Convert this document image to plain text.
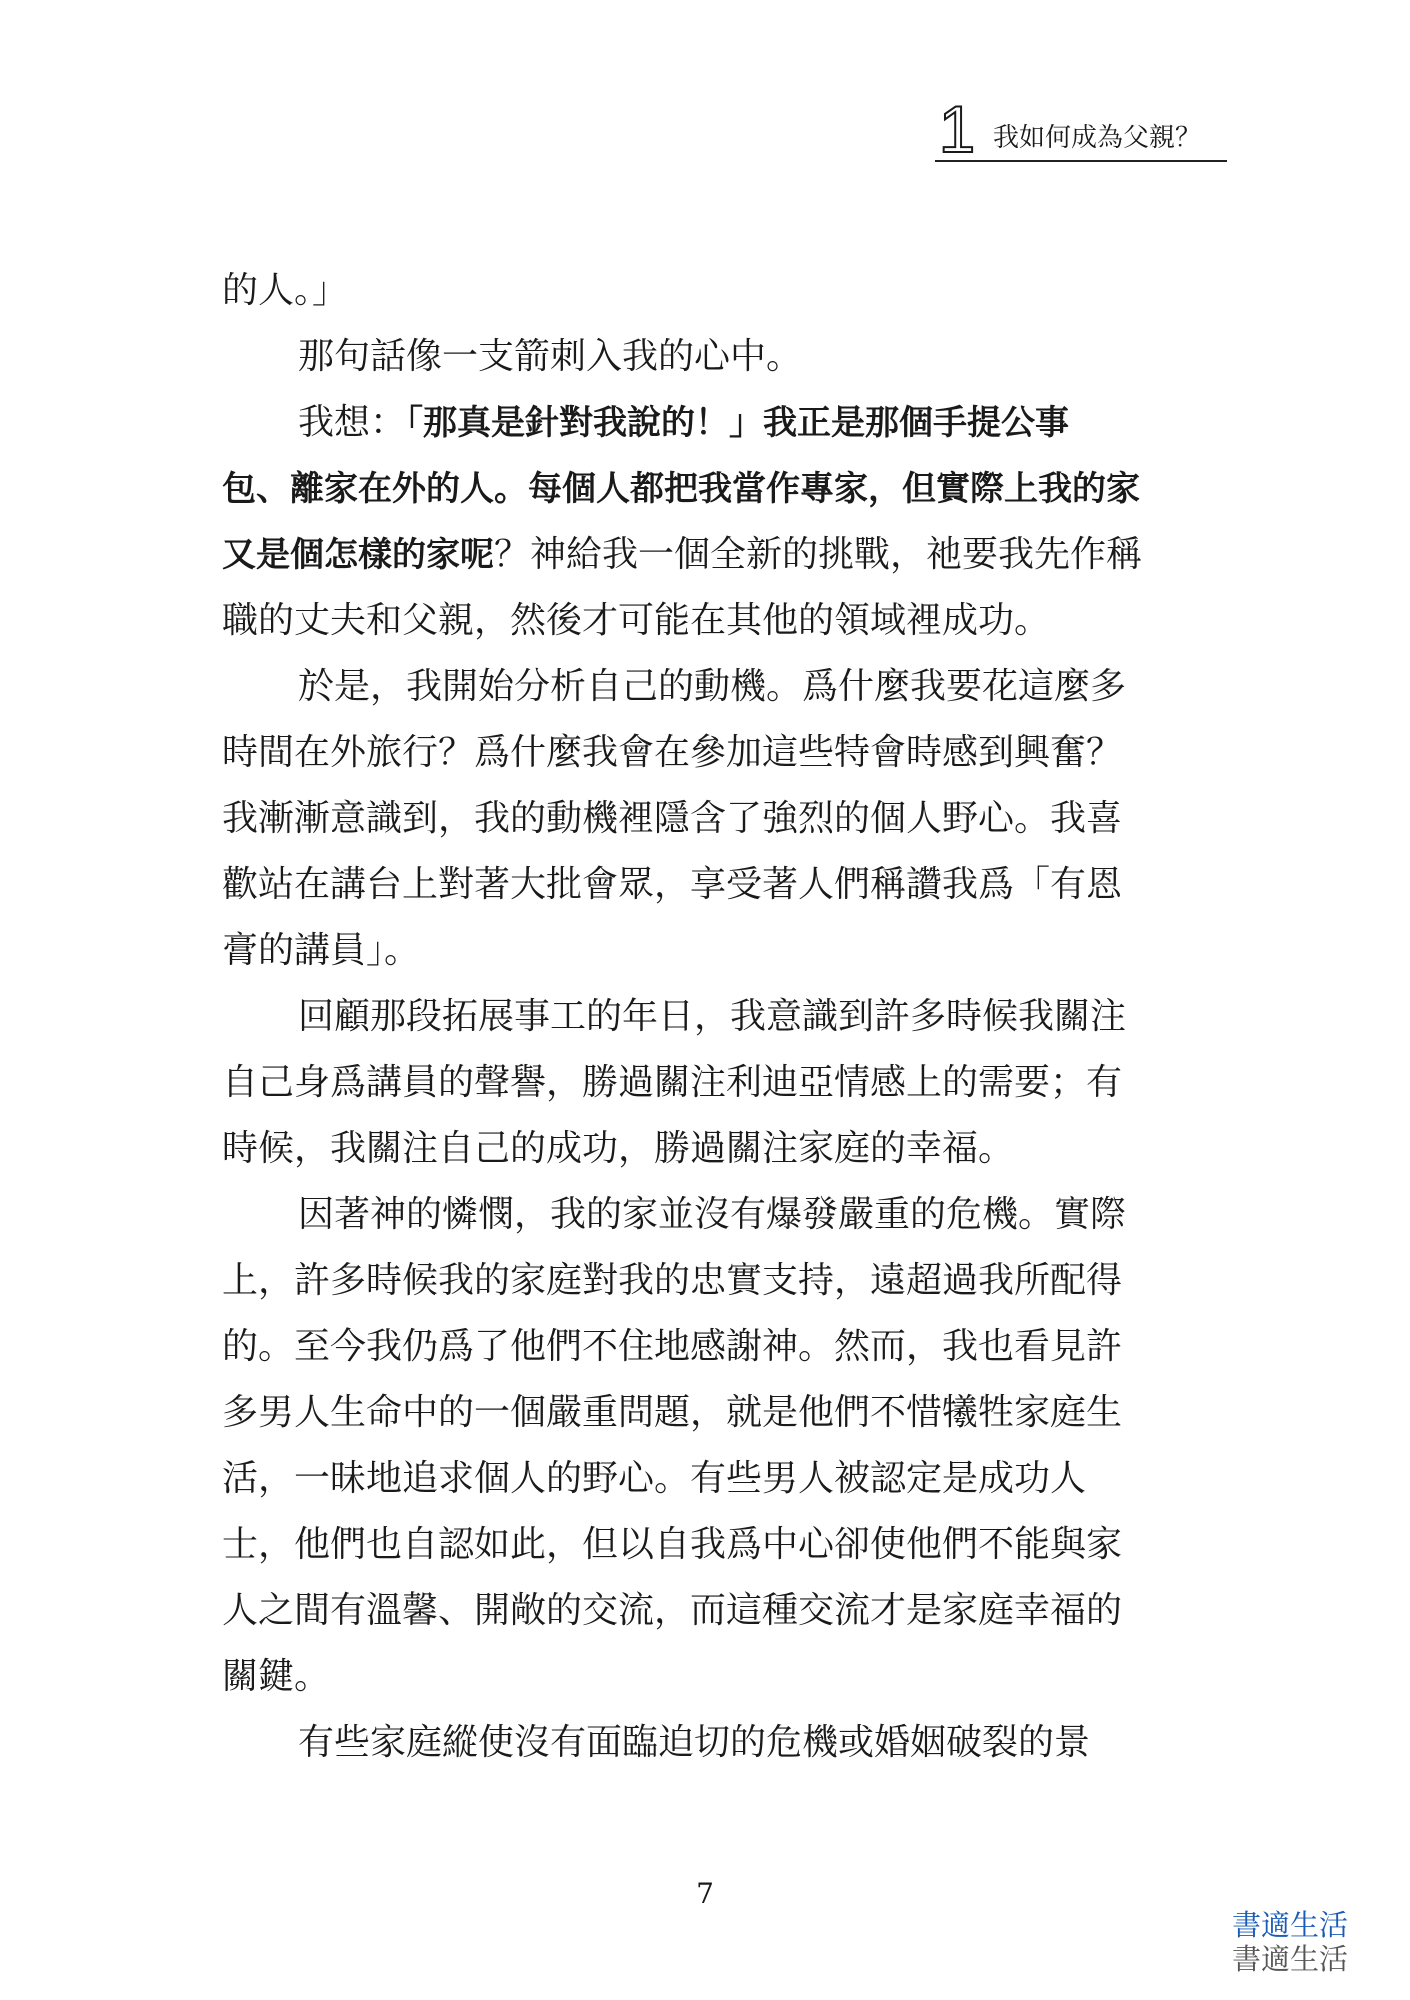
1 我如何成為父親？
的人。」
那句話像一支箭刺入我的心中。
我想：「那真是針對我說的！」我正是那個手提公事
包、離家在外的人。每個人都把我當作專家，但實際上我的家
又是個怎樣的家呢？神給我一個全新的挑戰，祂要我先作稱
職的丈夫和父親，然後才可能在其他的領域裡成功。
於是，我開始分析自己的動機。爲什麼我要花這麼多
時間在外旅行？爲什麼我會在參加這些特會時感到興奮？
我漸漸意識到，我的動機裡隱含了強烈的個人野心。我喜
歡站在講台上對著大批會眾，享受著人們稱讚我爲「有恩
膏的講員」。
回顧那段拓展事工的年日，我意識到許多時候我關注
自己身爲講員的聲譽，勝過關注利迪亞情感上的需要；有
時候，我關注自己的成功，勝過關注家庭的幸福。
因著神的憐憫，我的家並沒有爆發嚴重的危機。實際
上，許多時候我的家庭對我的忠實支持，遠超過我所配得
的。至今我仍爲了他們不住地感謝神。然而，我也看見許
多男人生命中的一個嚴重問題，就是他們不惜犧牲家庭生
活，一昧地追求個人的野心。有些男人被認定是成功人
士，他們也自認如此，但以自我爲中心卻使他們不能與家
人之間有溫馨、開敞的交流，而這種交流才是家庭幸福的
關鍵。
有些家庭縱使沒有面臨迫切的危機或婚姻破裂的景
7
書適生活
書適生活
